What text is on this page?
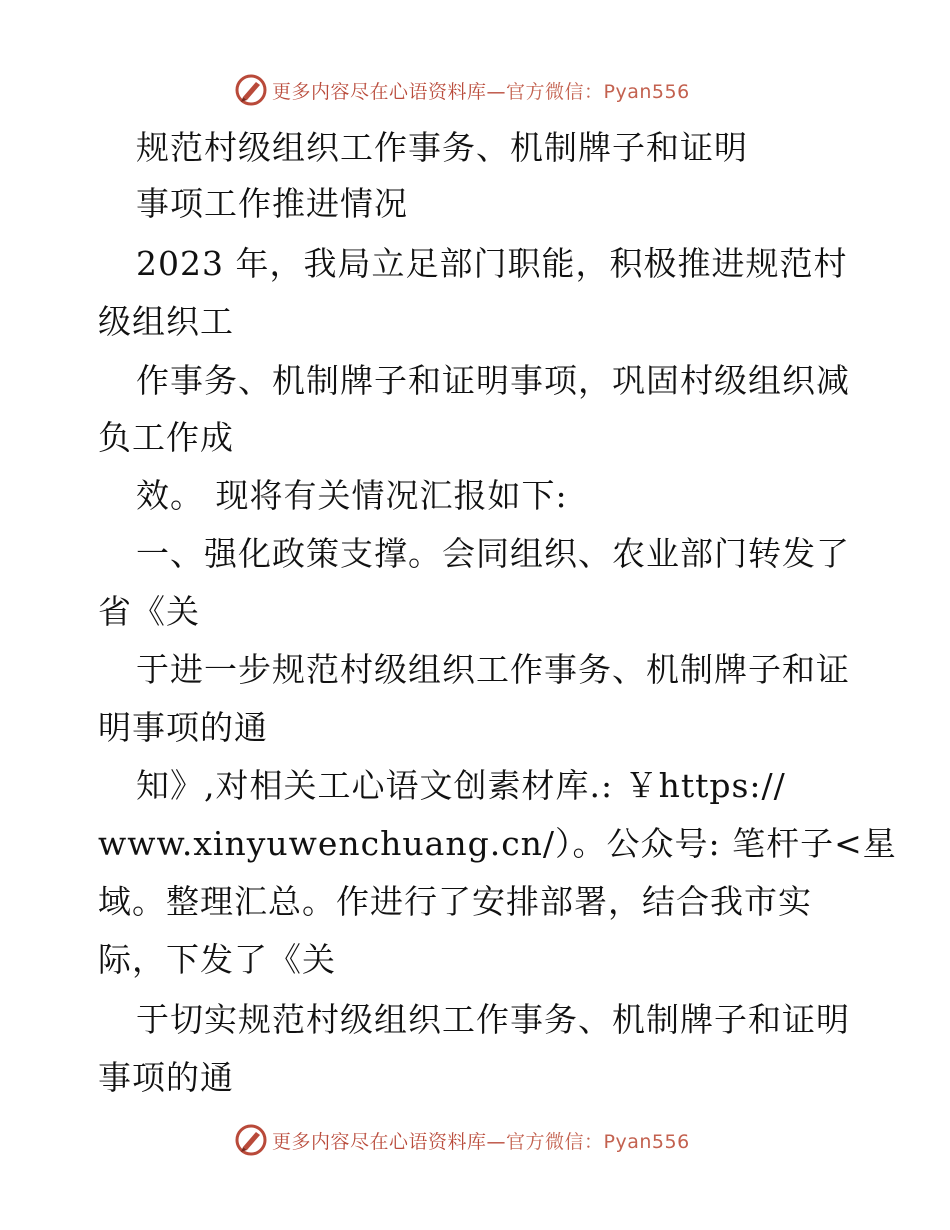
更多内容尽在心语资料库—官方微信：Pyan556
规范村级组织工作事务、机制牌子和证明
事项工作推进情况
2023 年，我局立足部门职能，积极推进规范村
级组织工
作事务、机制牌子和证明事项，巩固村级组织减
负工作成
效。 现将有关情况汇报如下:
一、强化政策支撑。会同组织、农业部门转发了
省《关
于进一步规范村级组织工作事务、机制牌子和证
明事项的通
知》,对相关工心语文创素材库.: ￥https://
www.xinyuwenchuang.cn/）。公众号: 笔杆子<星
域。整理汇总。作进行了安排部署，结合我市实
际，下发了《关
于切实规范村级组织工作事务、机制牌子和证明
事项的通
更多内容尽在心语资料库—官方微信：Pyan556
